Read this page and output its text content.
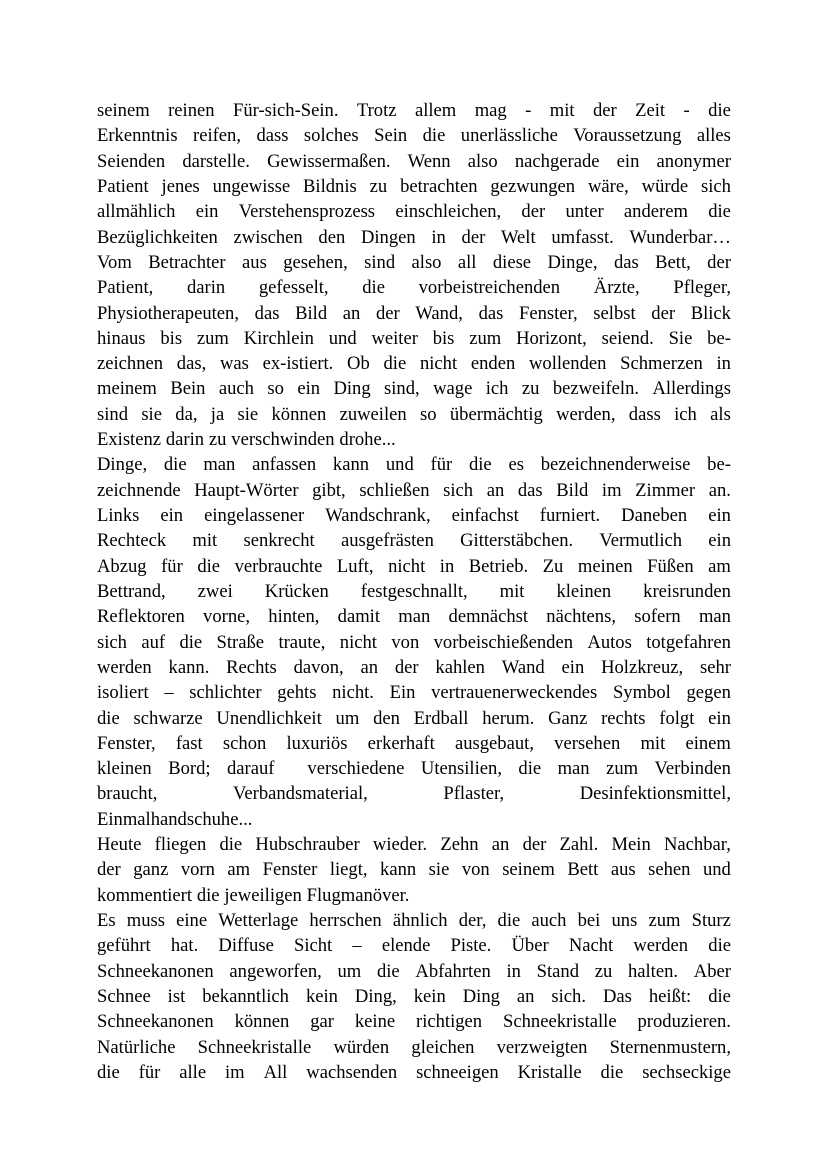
seinem reinen Für-sich-Sein. Trotz allem mag - mit der Zeit - die
Erkenntnis reifen, dass solches Sein die unerlässliche Voraussetzung alles
Seienden darstelle. Gewissermaßen. Wenn also nachgerade ein anonymer
Patient jenes ungewisse Bildnis zu betrachten gezwungen wäre, würde sich
allmählich ein Verstehensprozess einschleichen, der unter anderem die
Bezüglichkeiten zwischen den Dingen in der Welt umfasst. Wunderbar…
Vom Betrachter aus gesehen, sind also all diese Dinge, das Bett, der
Patient, darin gefesselt, die vorbeistreichenden Ärzte, Pfleger,
Physiotherapeuten, das Bild an der Wand, das Fenster, selbst der Blick
hinaus bis zum Kirchlein und weiter bis zum Horizont, seiend. Sie be-
zeichnen das, was ex-istiert. Ob die nicht enden wollenden Schmerzen in
meinem Bein auch so ein Ding sind, wage ich zu bezweifeln. Allerdings
sind sie da, ja sie können zuweilen so übermächtig werden, dass ich als
Existenz darin zu verschwinden drohe...
Dinge, die man anfassen kann und für die es bezeichnenderweise be-
zeichnende Haupt-Wörter gibt, schließen sich an das Bild im Zimmer an.
Links ein eingelassener Wandschrank, einfachst furniert. Daneben ein
Rechteck mit senkrecht ausgefrästen Gitterstäbchen. Vermutlich ein
Abzug für die verbrauchte Luft, nicht in Betrieb. Zu meinen Füßen am
Bettrand, zwei Krücken festgeschnallt, mit kleinen kreisrunden
Reflektoren vorne, hinten, damit man demnächst nächtens, sofern man
sich auf die Straße traute, nicht von vorbeischießenden Autos totgefahren
werden kann. Rechts davon, an der kahlen Wand ein Holzkreuz, sehr
isoliert – schlichter gehts nicht. Ein vertrauenerweckendes Symbol gegen
die schwarze Unendlichkeit um den Erdball herum. Ganz rechts folgt ein
Fenster, fast schon luxuriös erkerhaft ausgebaut, versehen mit einem
kleinen Bord; darauf verschiedene Utensilien, die man zum Verbinden
braucht,	Verbandsmaterial,	Pflaster,	Desinfektionsmittel,
Einmalhandschuhe...
Heute fliegen die Hubschrauber wieder. Zehn an der Zahl. Mein Nachbar,
der ganz vorn am Fenster liegt, kann sie von seinem Bett aus sehen und
kommentiert die jeweiligen Flugmanöver.
Es muss eine Wetterlage herrschen ähnlich der, die auch bei uns zum Sturz
geführt hat. Diffuse Sicht – elende Piste. Über Nacht werden die
Schneekanonen angeworfen, um die Abfahrten in Stand zu halten. Aber
Schnee ist bekanntlich kein Ding, kein Ding an sich. Das heißt: die
Schneekanonen können gar keine richtigen Schneekristalle produzieren.
Natürliche Schneekristalle würden gleichen verzweigten Sternenmustern,
die für alle im All wachsenden schneeigen Kristalle die sechseckige
